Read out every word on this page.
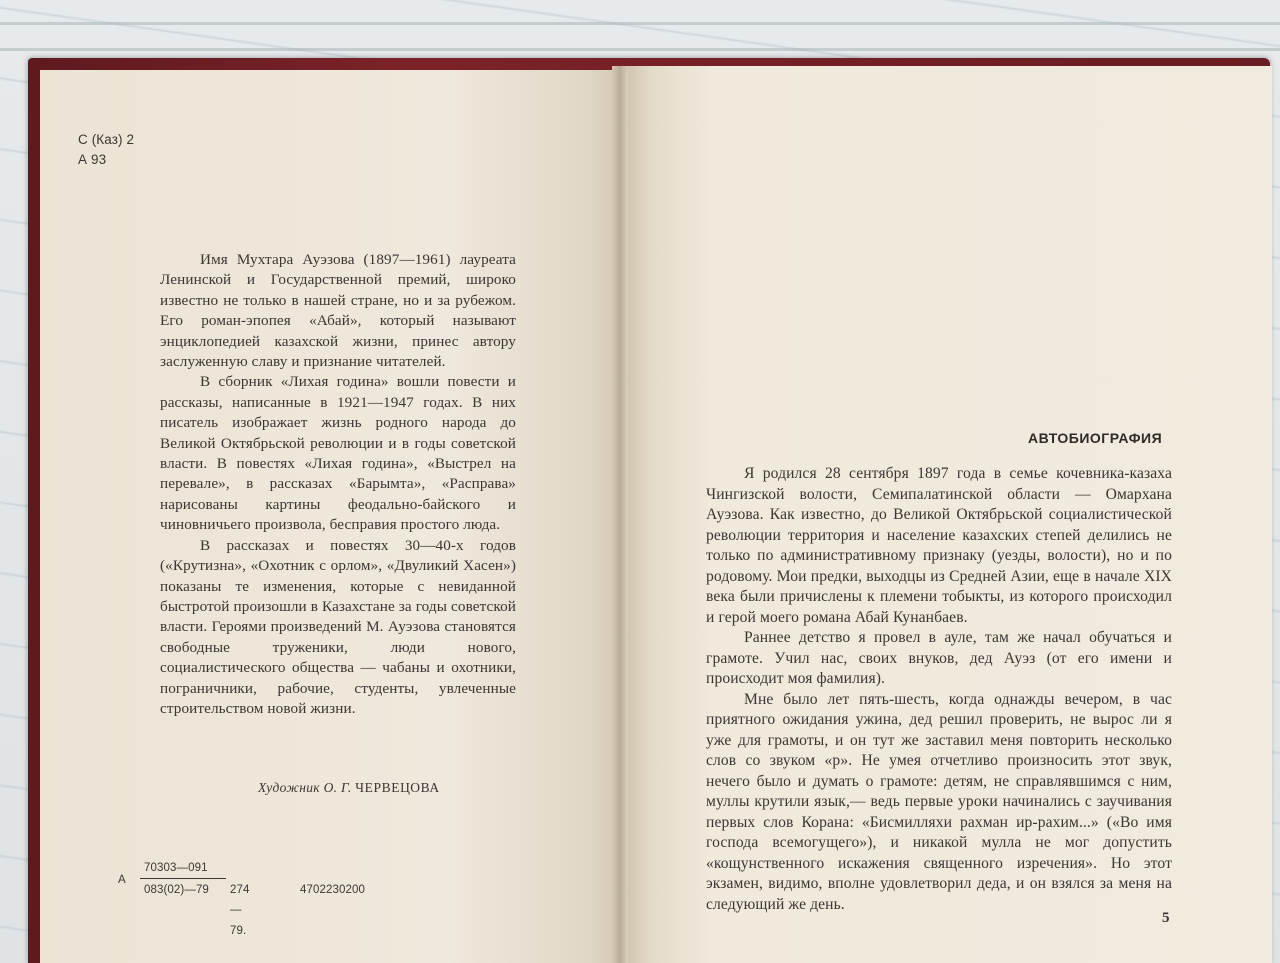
С (Каз) 2
А 93

Имя Мухтара Ауэзова (1897—1961) лауреата Ленинской и Государственной премий, широко известно не только в нашей стране, но и за рубежом. Его роман-эпопея «Абай», который называют энциклопедией казахской жизни, принес автору заслуженную славу и признание читателей.

В сборник «Лихая година» вошли повести и рассказы, написанные в 1921—1947 годах. В них писатель изображает жизнь родного народа до Великой Октябрьской революции и в годы советской власти. В повестях «Лихая година», «Выстрел на перевале», в рассказах «Барымта», «Расправа» нарисованы картины феодально-байского и чиновничьего произвола, бесправия простого люда.

В рассказах и повестях 30—40-х годов («Крутизна», «Охотник с орлом», «Двуликий Хасен») показаны те изменения, которые с невиданной быстротой произошли в Казахстане за годы советской власти. Героями произведений М. Ауэзова становятся свободные труженики, люди нового, социалистического общества — чабаны и охотники, пограничники, рабочие, студенты, увлеченные строительством новой жизни.

Художник О. Г. ЧЕРВЕЦОВА
А
70303—091
083(02)—79	274—79.
4702230200
АВТОБИОГРАФИЯ

Я родился 28 сентября 1897 года в семье кочевника-казаха Чингизской волости, Семипалатинской области — Омархана Ауэзова. Как известно, до Великой Октябрьской социалистической революции территория и население казахских степей делились не только по административному признаку (уезды, волости), но и по родовому. Мои предки, выходцы из Средней Азии, еще в начале XIX века были причислены к племени тобыкты, из которого происходил и герой моего романа Абай Кунанбаев.

Раннее детство я провел в ауле, там же начал обучаться и грамоте. Учил нас, своих внуков, дед Ауэз (от его имени и происходит моя фамилия).

Мне было лет пять-шесть, когда однажды вечером, в час приятного ожидания ужина, дед решил проверить, не вырос ли я уже для грамоты, и он тут же заставил меня повторить несколько слов со звуком «р». Не умея отчетливо произносить этот звук, нечего было и думать о грамоте: детям, не справлявшимся с ним, муллы крутили язык,— ведь первые уроки начинались с заучивания первых слов Корана: «Бисмилляхи рахман ир-рахим...» («Во имя господа всемогущего»), и никакой мулла не мог допустить «кощунственного искажения священного изречения». Но этот экзамен, видимо, вполне удовлетворил деда, и он взялся за меня на следующий же день.

5
